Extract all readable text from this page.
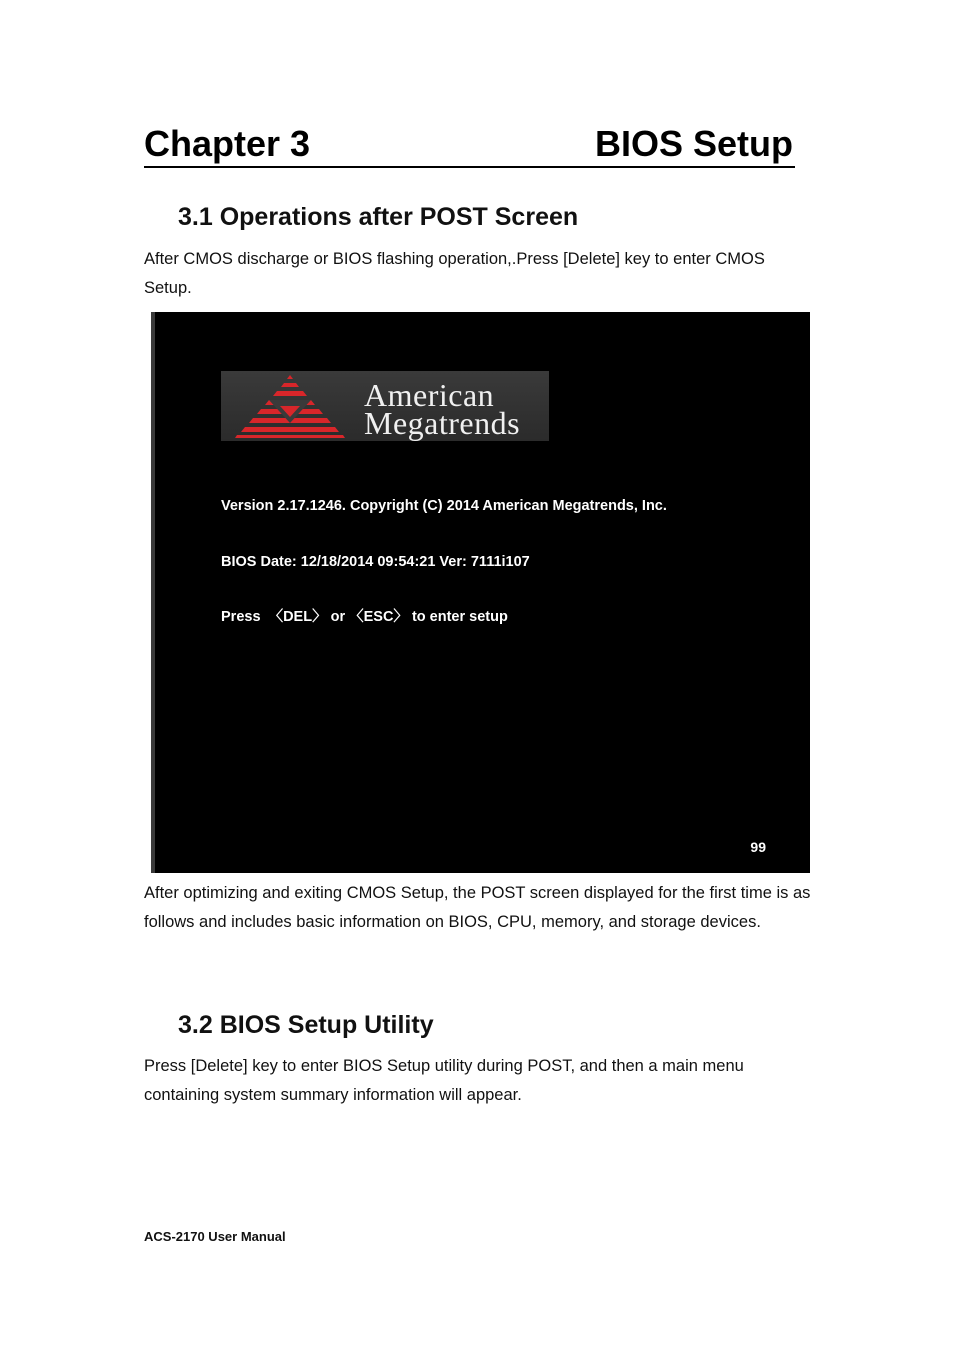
Chapter 3	BIOS Setup
3.1 Operations after POST Screen
After CMOS discharge or BIOS flashing operation,.Press [Delete] key to enter CMOS Setup.
American
Megatrends

Version 2.17.1246. Copyright (C) 2014 American Megatrends, Inc.

BIOS Date: 12/18/2014 09:54:21 Ver: 7111i107

Press  〈DEL〉 or 〈ESC〉 to enter setup

99
After optimizing and exiting CMOS Setup, the POST screen displayed for the first time is as follows and includes basic information on BIOS, CPU, memory, and storage devices.
3.2 BIOS Setup Utility
Press [Delete] key to enter BIOS Setup utility during POST, and then a main menu containing system summary information will appear.
ACS-2170 User Manual
